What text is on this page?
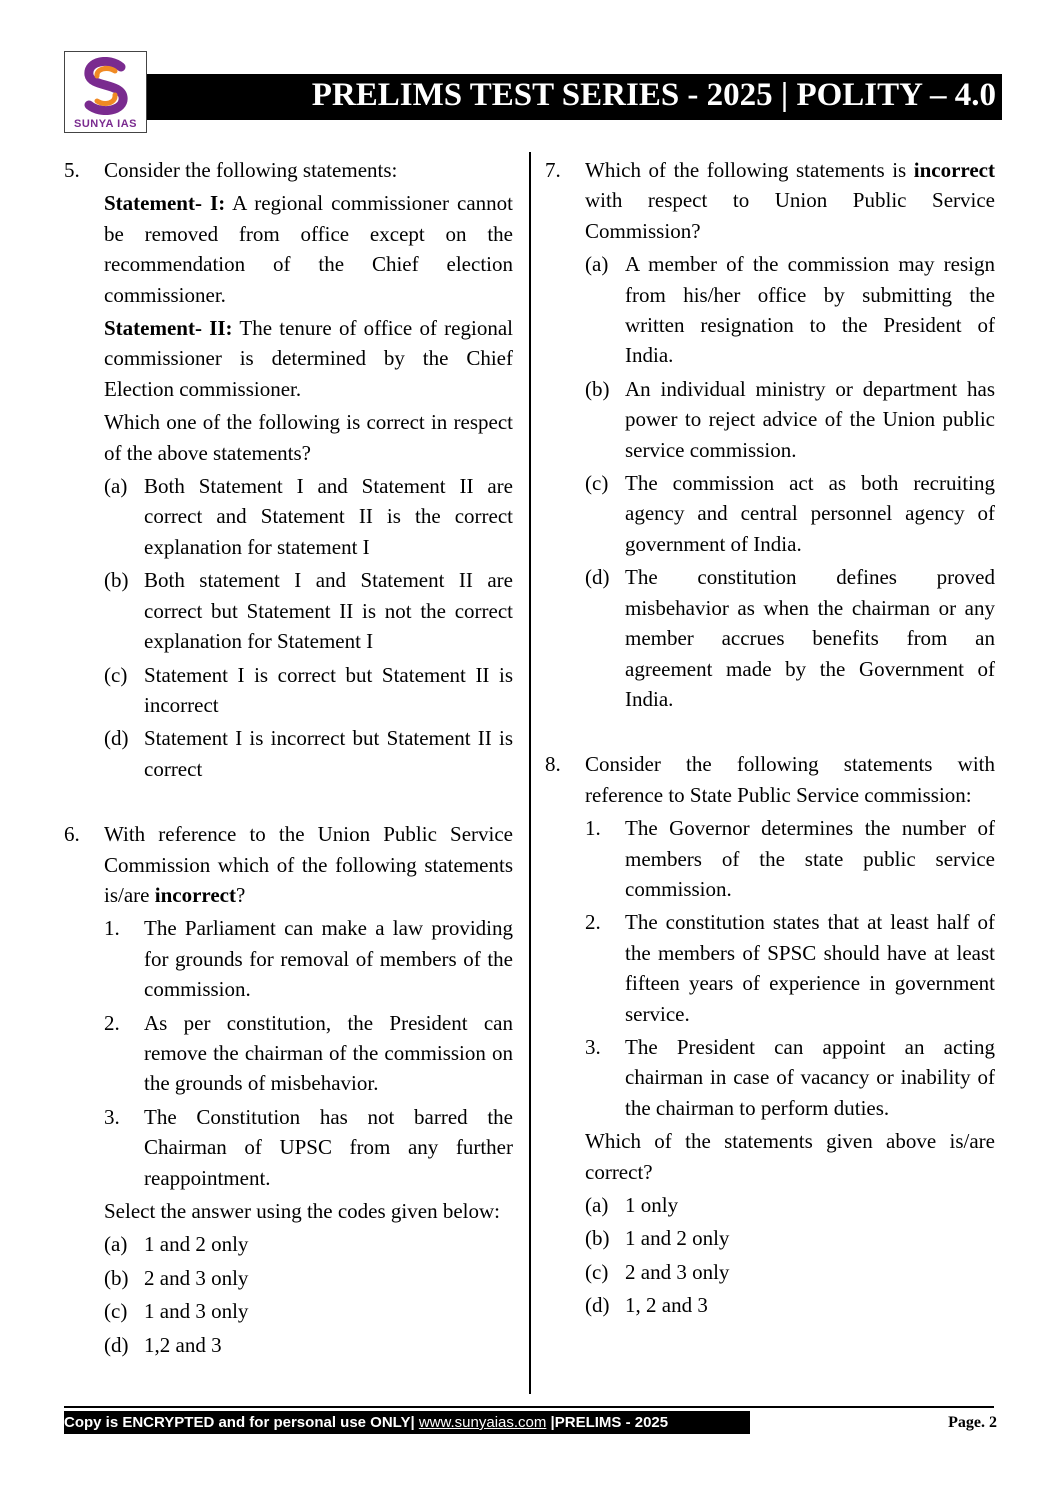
SUNYA IAS
PRELIMS TEST SERIES - 2025 | POLITY – 4.0
5. Consider the following statements:

Statement- I: A regional commissioner cannot be removed from office except on the recommendation of the Chief election commissioner.

Statement- II: The tenure of office of regional commissioner is determined by the Chief Election commissioner.

Which one of the following is correct in respect of the above statements?

(a) Both Statement I and Statement II are correct and Statement II is the correct explanation for statement I
(b) Both statement I and Statement II are correct but Statement II is not the correct explanation for Statement I
(c) Statement I is correct but Statement II is incorrect
(d) Statement I is incorrect but Statement II is correct
6. With reference to the Union Public Service Commission which of the following statements is/are incorrect?

1. The Parliament can make a law providing for grounds for removal of members of the commission.
2. As per constitution, the President can remove the chairman of the commission on the grounds of misbehavior.
3. The Constitution has not barred the Chairman of UPSC from any further reappointment.

Select the answer using the codes given below:

(a) 1 and 2 only
(b) 2 and 3 only
(c) 1 and 3 only
(d) 1,2 and 3
7. Which of the following statements is incorrect with respect to Union Public Service Commission?

(a) A member of the commission may resign from his/her office by submitting the written resignation to the President of India.
(b) An individual ministry or department has power to reject advice of the Union public service commission.
(c) The commission act as both recruiting agency and central personnel agency of government of India.
(d) The constitution defines proved misbehavior as when the chairman or any member accrues benefits from an agreement made by the Government of India.
8. Consider the following statements with reference to State Public Service commission:

1. The Governor determines the number of members of the state public service commission.
2. The constitution states that at least half of the members of SPSC should have at least fifteen years of experience in government service.
3. The President can appoint an acting chairman in case of vacancy or inability of the chairman to perform duties.

Which of the statements given above is/are correct?

(a) 1 only
(b) 1 and 2 only
(c) 2 and 3 only
(d) 1, 2 and 3
Copy is ENCRYPTED and for personal use ONLY| www.sunyaias.com |PRELIMS - 2025	Page. 2
